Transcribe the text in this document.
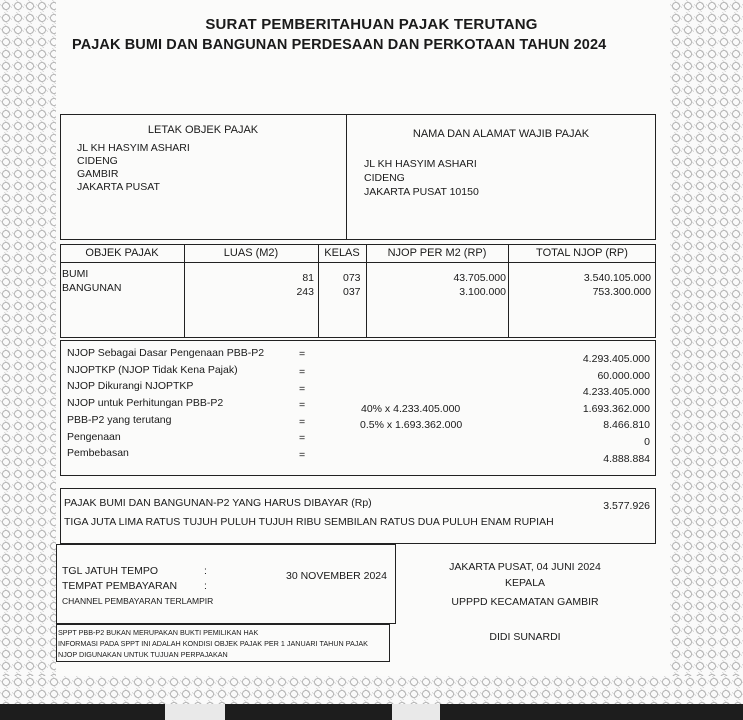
SURAT PEMBERITAHUAN PAJAK TERUTANG
PAJAK BUMI DAN BANGUNAN PERDESAAN DAN PERKOTAAN TAHUN 2024
LETAK OBJEK PAJAK
JL KH HASYIM ASHARI
CIDENG
GAMBIR
JAKARTA PUSAT
NAMA DAN ALAMAT WAJIB PAJAK
JL KH HASYIM ASHARI
CIDENG
JAKARTA PUSAT 10150
OBJEK PAJAK	LUAS (M2)	KELAS	NJOP PER M2 (RP)	TOTAL NJOP (RP)
BUMI	81	073	43.705.000	3.540.105.000
BANGUNAN	243	037	3.100.000	753.300.000
NJOP Sebagai Dasar Pengenaan PBB-P2	=	4.293.405.000
NJOPTKP (NJOP Tidak Kena Pajak)	=	60.000.000
NJOP Dikurangi NJOPTKP	=	4.233.405.000
NJOP untuk Perhitungan PBB-P2	=	40% x 4.233.405.000	1.693.362.000
PBB-P2 yang terutang	=	0.5% x 1.693.362.000	8.466.810
Pengenaan	=	0
Pembebasan	=	4.888.884
PAJAK BUMI DAN BANGUNAN-P2 YANG HARUS DIBAYAR (Rp)	3.577.926
TIGA JUTA LIMA RATUS TUJUH PULUH TUJUH RIBU SEMBILAN RATUS DUA PULUH ENAM RUPIAH
TGL JATUH TEMPO	:	30 NOVEMBER 2024
TEMPAT PEMBAYARAN	:
CHANNEL PEMBAYARAN TERLAMPIR
SPPT PBB-P2 BUKAN MERUPAKAN BUKTI PEMILIKAN HAK
INFORMASI PADA SPPT INI ADALAH KONDISI OBJEK PAJAK PER 1 JANUARI TAHUN PAJAK
NJOP DIGUNAKAN UNTUK TUJUAN PERPAJAKAN
JAKARTA PUSAT, 04 JUNI 2024
KEPALA
UPPPD KECAMATAN GAMBIR
DIDI SUNARDI
